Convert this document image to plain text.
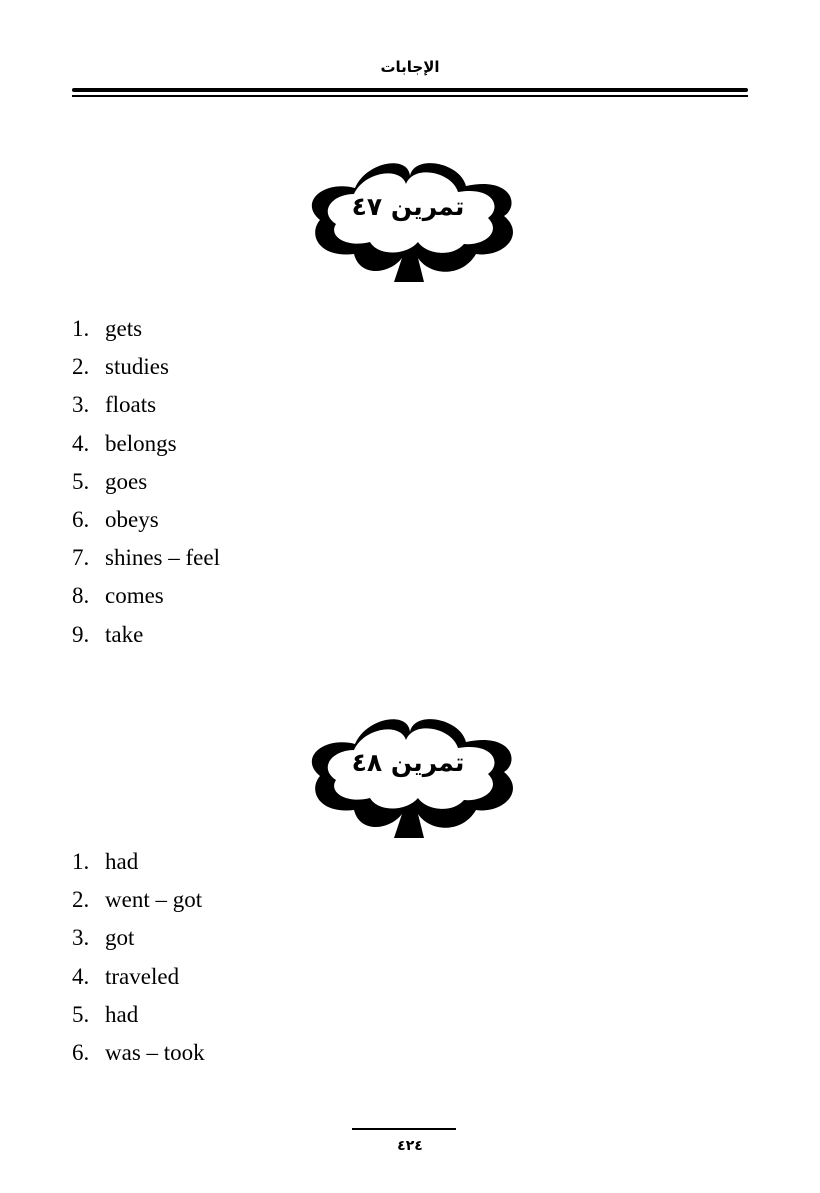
الإجابات
تمرين ٤٧
1. gets
2. studies
3. floats
4. belongs
5. goes
6. obeys
7. shines – feel
8. comes
9. take
تمرين ٤٨
1. had
2. went – got
3. got
4. traveled
5. had
6. was – took
٤٢٤
